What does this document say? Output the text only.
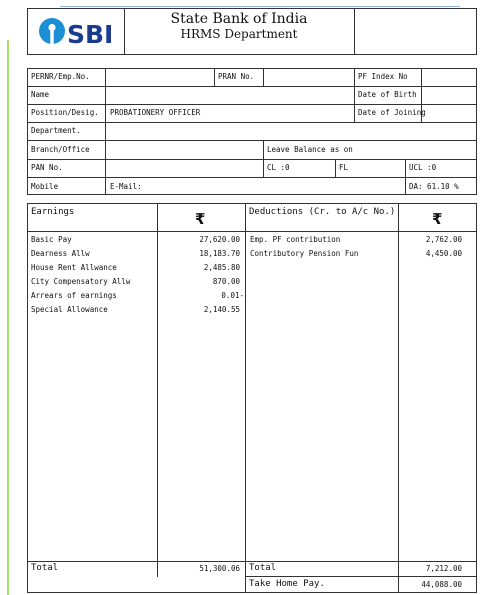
SBI
State Bank of India
HRMS Department
PERNR/Emp.No.	PRAN No.	PF Index No
Name	Date of Birth
Position/Desig. PROBATIONERY OFFICER	Date of Joining
Department.
Branch/Office	Leave Balance as on
PAN No.	CL :0	FL	UCL :0
Mobile	E-Mail:	DA: 61.10 %
Earnings	₹	Deductions (Cr. to A/c No.) ₹
Basic Pay	27,620.00
Dearness Allw	18,183.70
House Rent Allwance	2,485.80
City Compensatory Allw	870.00
Arrears of earnings	0.01-
Special Allowance	2,140.55
Emp. PF contribution	2,762.00
Contributory Pension Fun	4,450.00
Total	51,300.06 Total	7,212.00
Take Home Pay.	44,088.00
